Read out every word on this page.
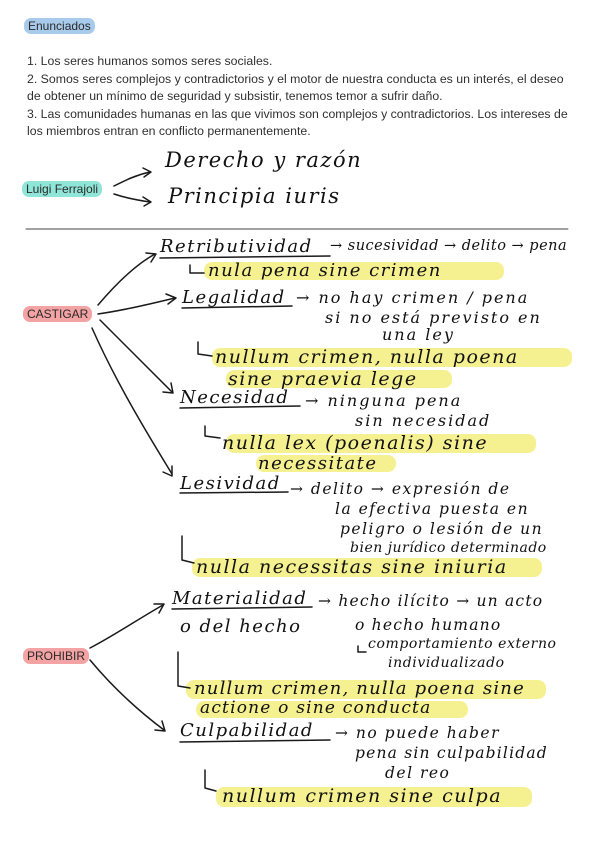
Enunciados

1. Los seres humanos somos seres sociales.

2. Somos seres complejos y contradictorios y el motor de nuestra conducta es un interés, el deseo de obtener un mínimo de seguridad y subsistir, tenemos temor a sufrir daño.

3. Las comunidades humanas en las que vivimos son complejos y contradictorios. Los intereses de los miembros entran en conflicto permanentemente.

Luigi Ferrajoli
Derecho y razón
Principia iuris
CASTIGAR
Retributividad → sucesividad → delito → pena
nula pena sine crimen
Legalidad → no hay crimen / pena
si no está previsto en
una ley
nullum crimen, nulla poena
sine praevia lege
Necesidad → ninguna pena
sin necesidad
nulla lex (poenalis) sine
necessitate
Lesividad → delito → expresión de
la efectiva puesta en
peligro o lesión de un
bien jurídico determinado
nulla necessitas sine iniuria
PROHIBIR
Materialidad → hecho ilícito → un acto
o del hecho	o hecho humano
comportamiento externo
individualizado
nullum crimen, nulla poena sine
actione o sine conducta
Culpabilidad → no puede haber
pena sin culpabilidad
del reo
nullum crimen sine culpa
